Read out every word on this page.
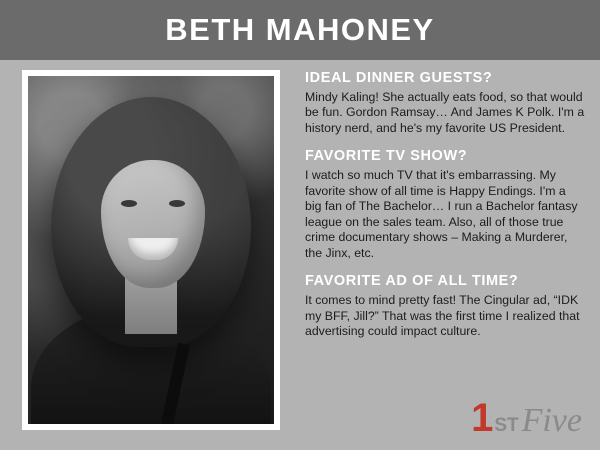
BETH MAHONEY
IDEAL DINNER GUESTS?

Mindy Kaling! She actually eats food, so that would be fun. Gordon Ramsay… And James K Polk. I'm a history nerd, and he's my favorite US President.

FAVORITE TV SHOW?

I watch so much TV that it's embarrassing. My favorite show of all time is Happy Endings. I'm a big fan of The Bachelor… I run a Bachelor fantasy league on the sales team. Also, all of those true crime documentary shows – Making a Murderer, the Jinx, etc.

FAVORITE AD OF ALL TIME?

It comes to mind pretty fast! The Cingular ad, “IDK my BFF, Jill?” That was the first time I realized that advertising could impact culture.

1 ST Five
